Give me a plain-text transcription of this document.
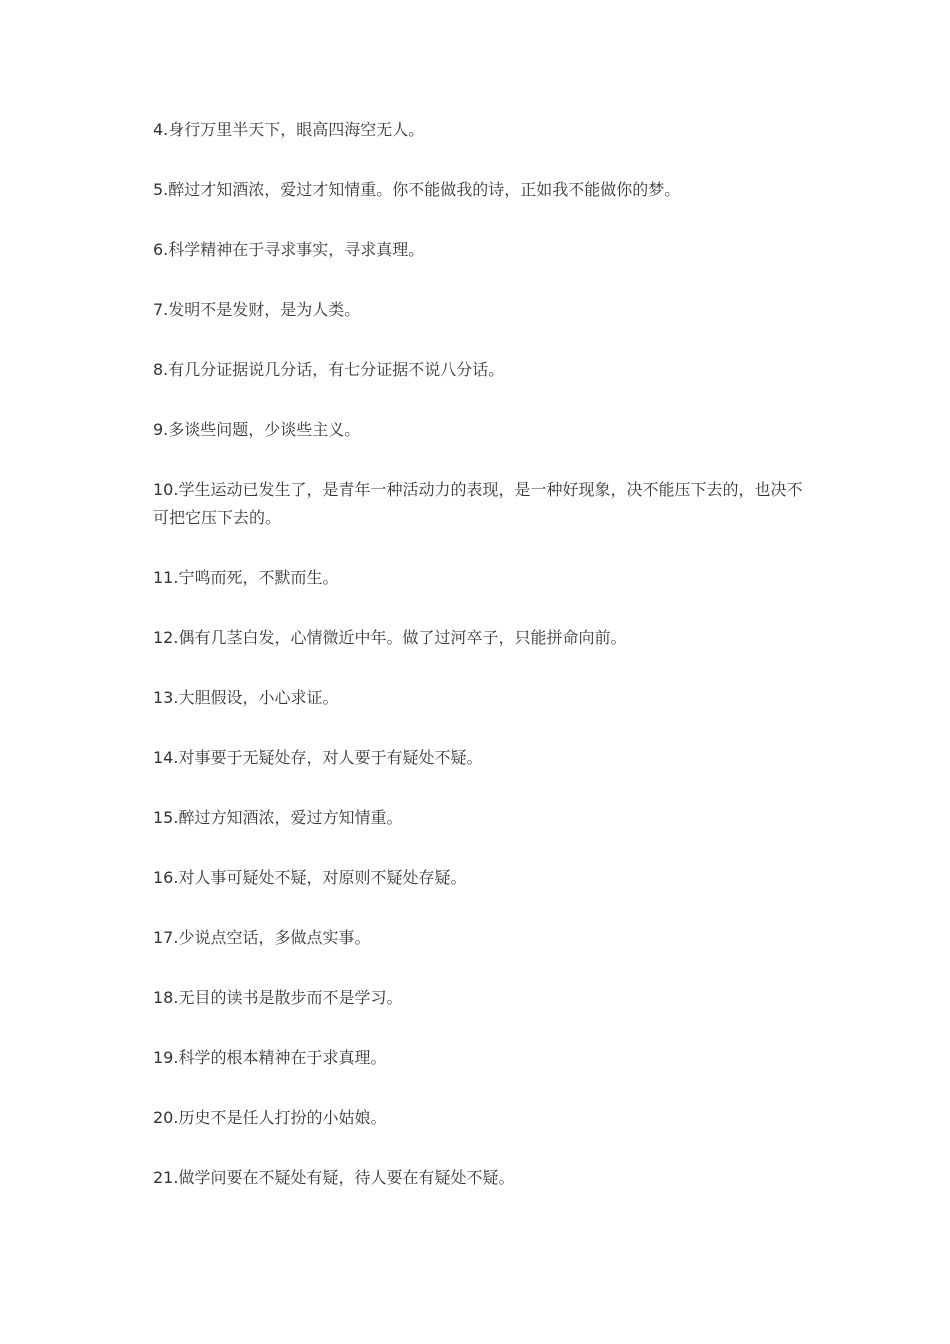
4.身行万里半天下，眼高四海空无人。

5.醉过才知酒浓，爱过才知情重。你不能做我的诗，正如我不能做你的梦。

6.科学精神在于寻求事实，寻求真理。

7.发明不是发财，是为人类。

8.有几分证据说几分话，有七分证据不说八分话。

9.多谈些问题，少谈些主义。

10.学生运动已发生了，是青年一种活动力的表现，是一种好现象，决不能压下去的，也决不可把它压下去的。

11.宁鸣而死，不默而生。

12.偶有几茎白发，心情微近中年。做了过河卒子，只能拼命向前。

13.大胆假设，小心求证。

14.对事要于无疑处存，对人要于有疑处不疑。

15.醉过方知酒浓，爱过方知情重。

16.对人事可疑处不疑，对原则不疑处存疑。

17.少说点空话，多做点实事。

18.无目的读书是散步而不是学习。

19.科学的根本精神在于求真理。

20.历史不是任人打扮的小姑娘。

21.做学问要在不疑处有疑，待人要在有疑处不疑。
